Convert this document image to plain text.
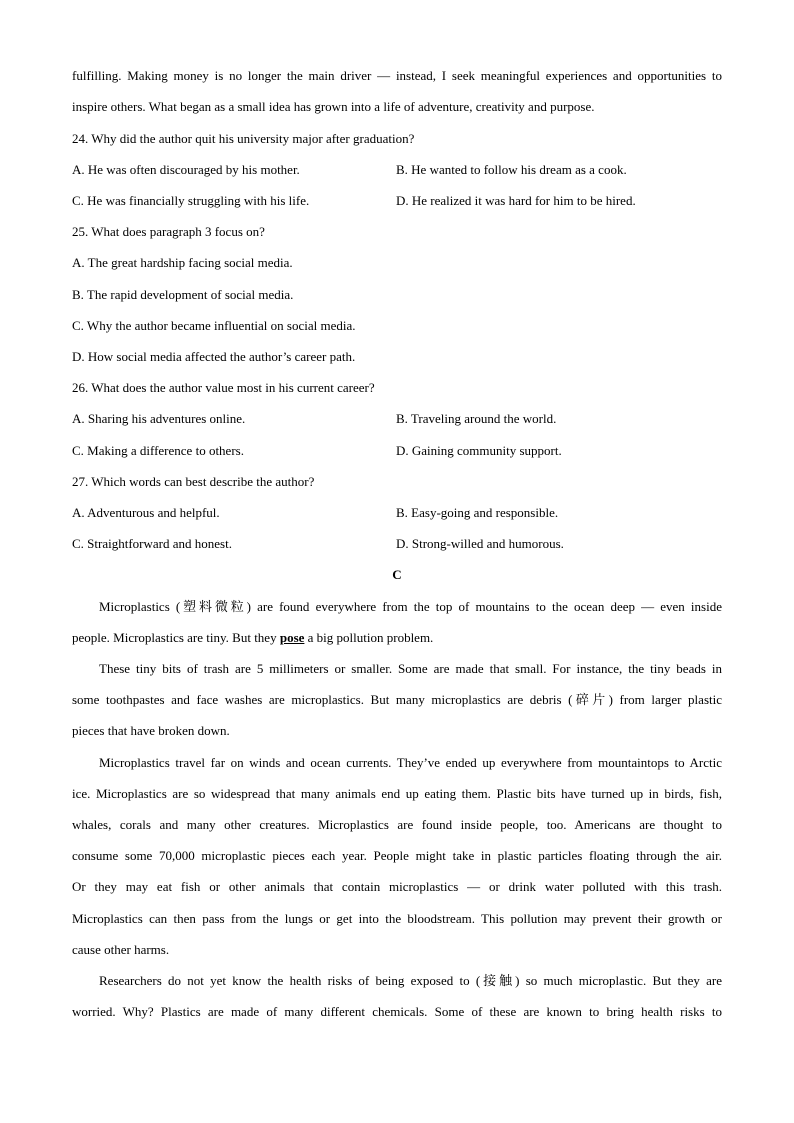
fulfilling. Making money is no longer the main driver — instead, I seek meaningful experiences and opportunities to
inspire others. What began as a small idea has grown into a life of adventure, creativity and purpose.
24. Why did the author quit his university major after graduation?
A. He was often discouraged by his mother.	B. He wanted to follow his dream as a cook.
C. He was financially struggling with his life.	D. He realized it was hard for him to be hired.
25. What does paragraph 3 focus on?
A. The great hardship facing social media.
B. The rapid development of social media.
C. Why the author became influential on social media.
D. How social media affected the author’s career path.
26. What does the author value most in his current career?
A. Sharing his adventures online.	B. Traveling around the world.
C. Making a difference to others.	D. Gaining community support.
27. Which words can best describe the author?
A. Adventurous and helpful.	B. Easy-going and responsible.
C. Straightforward and honest.	D. Strong-willed and humorous.
C
Microplastics (塑料微粒) are found everywhere from the top of mountains to the ocean deep — even inside
people. Microplastics are tiny. But they pose a big pollution problem.
These tiny bits of trash are 5 millimeters or smaller. Some are made that small. For instance, the tiny beads in
some toothpastes and face washes are microplastics. But many microplastics are debris (碎片) from larger plastic
pieces that have broken down.
Microplastics travel far on winds and ocean currents. They’ve ended up everywhere from mountaintops to Arctic
ice. Microplastics are so widespread that many animals end up eating them. Plastic bits have turned up in birds, fish,
whales, corals and many other creatures. Microplastics are found inside people, too. Americans are thought to
consume some 70,000 microplastic pieces each year. People might take in plastic particles floating through the air.
Or they may eat fish or other animals that contain microplastics — or drink water polluted with this trash.
Microplastics can then pass from the lungs or get into the bloodstream. This pollution may prevent their growth or
cause other harms.
Researchers do not yet know the health risks of being exposed to (接触) so much microplastic. But they are
worried. Why? Plastics are made of many different chemicals. Some of these are known to bring health risks to
